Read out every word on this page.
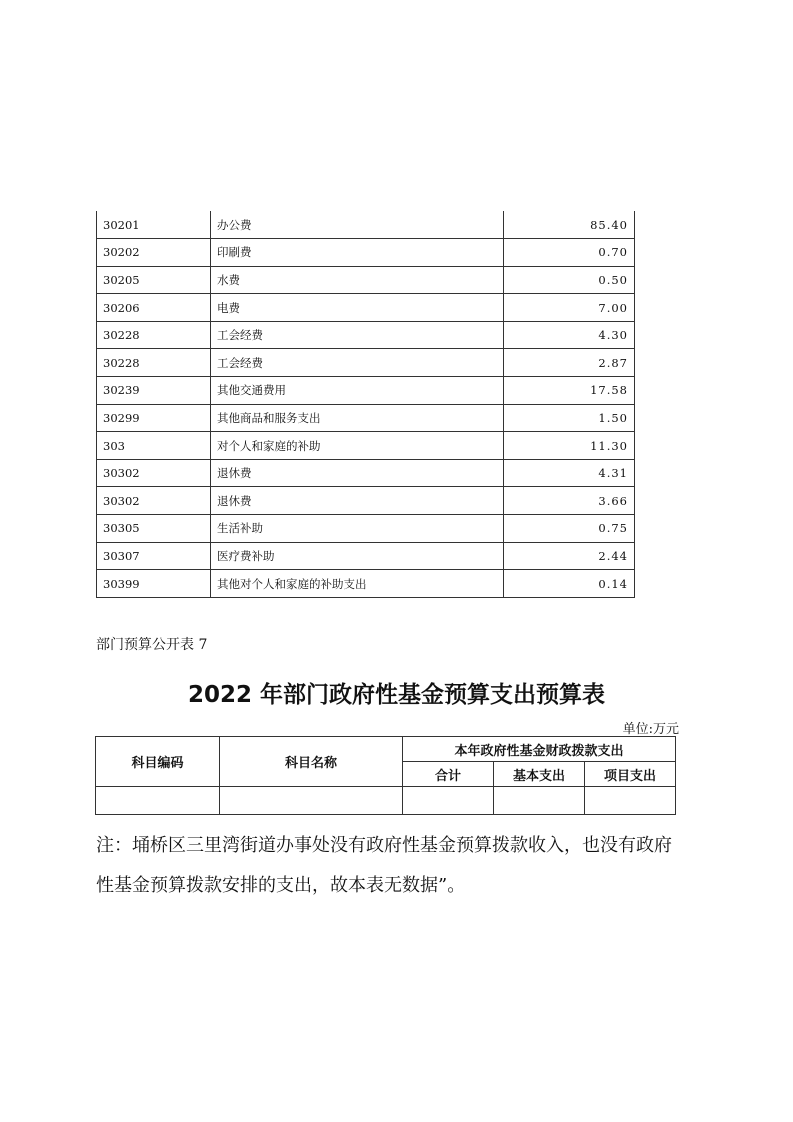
30201	办公费	85.40
30202	印刷费	0.70
30205	水费	0.50
30206	电费	7.00
30228	工会经费	4.30
30228	工会经费	2.87
30239	其他交通费用	17.58
30299	其他商品和服务支出	1.50
303	对个人和家庭的补助	11.30
30302	退休费	4.31
30302	退休费	3.66
30305	生活补助	0.75
30307	医疗费补助	2.44
30399	其他对个人和家庭的补助支出	0.14
部门预算公开表 7
2022 年部门政府性基金预算支出预算表
单位:万元
科目编码	科目名称	本年政府性基金财政拨款支出		
		合计	基本支出	项目支出

注：埇桥区三里湾街道办事处没有政府性基金预算拨款收入，也没有政府

性基金预算拨款安排的支出，故本表无数据”。
